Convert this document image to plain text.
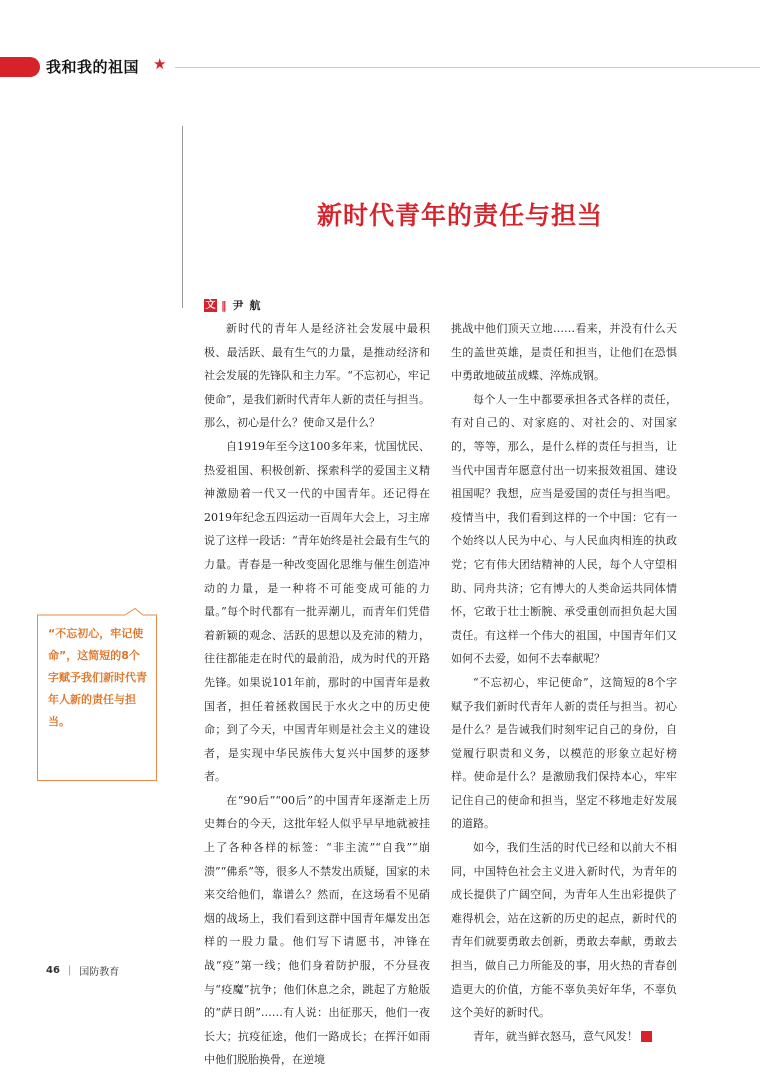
我和我的祖国 ★
新时代青年的责任与担当
文 ‖ 尹航

新时代的青年人是经济社会发展中最积极、最活跃、最有生气的力量，是推动经济和社会发展的先锋队和主力军。“不忘初心，牢记使命”，是我们新时代青年人新的责任与担当。那么，初心是什么？使命又是什么？

自1919年至今这100多年来，忧国忧民、热爱祖国、积极创新、探索科学的爱国主义精神激励着一代又一代的中国青年。还记得在2019年纪念五四运动一百周年大会上，习主席说了这样一段话：“青年始终是社会最有生气的力量。青春是一种改变固化思维与催生创造冲动的力量，是一种将不可能变成可能的力量。”每个时代都有一批弄潮儿，而青年们凭借着新颖的观念、活跃的思想以及充沛的精力，往往都能走在时代的最前沿，成为时代的开路先锋。如果说101年前，那时的中国青年是救国者，担任着拯救国民于水火之中的历史使命；到了今天，中国青年则是社会主义的建设者，是实现中华民族伟大复兴中国梦的逐梦者。

在“90后”“00后”的中国青年逐渐走上历史舞台的今天，这批年轻人似乎早早地就被挂上了各种各样的标签：“非主流”“自我”“崩溃”“佛系”等，很多人不禁发出质疑，国家的未来交给他们，靠谱么？然而，在这场看不见硝烟的战场上，我们看到这群中国青年爆发出怎样的一股力量。他们写下请愿书，冲锋在战“疫”第一线；他们身着防护服，不分昼夜与“疫魔”抗争；他们休息之余，跳起了方舱版的“萨日朗”……有人说：出征那天，他们一夜长大；抗疫征途，他们一路成长；在挥汗如雨中他们脱胎换骨，在逆境

挑战中他们顶天立地……看来，并没有什么天生的盖世英雄，是责任和担当，让他们在恐惧中勇敢地破茧成蝶、淬炼成钢。

每个人一生中都要承担各式各样的责任，有对自己的、对家庭的、对社会的、对国家的，等等，那么，是什么样的责任与担当，让当代中国青年愿意付出一切来报效祖国、建设祖国呢？我想，应当是爱国的责任与担当吧。疫情当中，我们看到这样的一个中国：它有一个始终以人民为中心、与人民血肉相连的执政党；它有伟大团结精神的人民，每个人守望相助、同舟共济；它有博大的人类命运共同体情怀，它敢于壮士断腕、承受重创而担负起大国责任。有这样一个伟大的祖国，中国青年们又如何不去爱，如何不去奉献呢？

“不忘初心，牢记使命”，这简短的8个字赋予我们新时代青年人新的责任与担当。初心是什么？是告诫我们时刻牢记自己的身份，自觉履行职责和义务，以模范的形象立起好榜样。使命是什么？是激励我们保持本心，牢牢记住自己的使命和担当，坚定不移地走好发展的道路。

如今，我们生活的时代已经和以前大不相同，中国特色社会主义进入新时代，为青年的成长提供了广阔空间，为青年人生出彩提供了难得机会，站在这新的历史的起点，新时代的青年们就要勇敢去创新，勇敢去奉献，勇敢去担当，做自己力所能及的事，用火热的青春创造更大的价值，方能不辜负美好年华，不辜负这个美好的新时代。

青年，就当鲜衣怒马，意气风发！	G

“不忘初心，牢记使命”，这简短的8个字赋予我们新时代青年人新的责任与担当。
46 | 国防教育
